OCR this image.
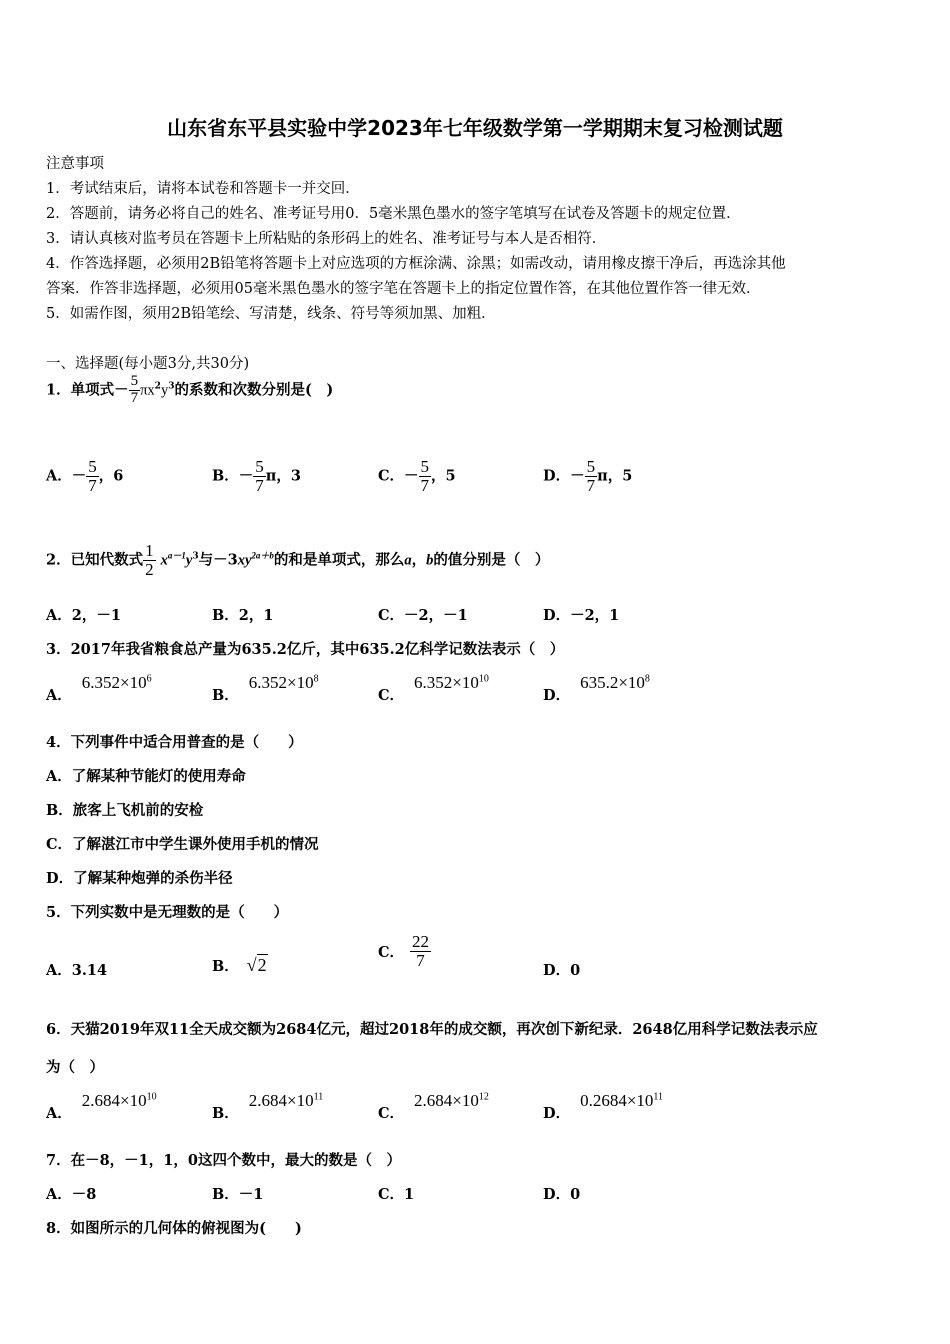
山东省东平县实验中学2023年七年级数学第一学期期末复习检测试题
注意事项
1．考试结束后，请将本试卷和答题卡一并交回．
2．答题前，请务必将自己的姓名、准考证号用0．5毫米黑色墨水的签字笔填写在试卷及答题卡的规定位置．
3．请认真核对监考员在答题卡上所粘贴的条形码上的姓名、准考证号与本人是否相符．
4．作答选择题，必须用2B铅笔将答题卡上对应选项的方框涂满、涂黑；如需改动，请用橡皮擦干净后，再选涂其他
答案．作答非选择题，必须用05毫米黑色墨水的签字笔在答题卡上的指定位置作答，在其他位置作答一律无效．
5．如需作图，须用2B铅笔绘、写清楚，线条、符号等须加黑、加粗．
一、选择题(每小题3分,共30分)
1．单项式－ $\frac{5}{7} \pi x^2y^3$的系数和次数分别是(　)
A．－ $\frac{5}{7}$ ，6	B．－ $\frac{5}{7}$ π，3	C．－ $\frac{5}{7}$ ，5	D．－ $\frac{5}{7}$ π，5
2．已知代数式 $\frac{1}{2} x^{a-1}y^3$与$-3xy^{2a+b}$的和是单项式，那么a，b的值分别是（　）
A．2，－1	B．2，1	C．－2，－1	D．－2，1
3．2017年我省粮食总产量为635.2亿斤，其中635.2亿科学记数法表示（　）
A．$6.352\times 10^6$
B．$6.352\times 10^8$
C．$6.352\times 10^{10}$
D．$635.2\times 10^8$
4．下列事件中适合用普查的是（　　）
A．了解某种节能灯的使用寿命
B．旅客上飞机前的安检
C．了解湛江市中学生课外使用手机的情况
D．了解某种炮弹的杀伤半径
5．下列实数中是无理数的是（　　）
A．3.14	B． √2
C． $\frac{22}{7}$
D．0
6．天猫2019年双11全天成交额为2684亿元，超过2018年的成交额，再次创下新纪录．2648亿用科学记数法表示应
为（　）
A．$2.684\times 10^{10}$
B．$2.684\times 10^{11}$
C．$2.684\times 10^{12}$
D．$0.2684\times 10^{11}$
7．在－8，－1，1，0这四个数中，最大的数是（　）
A．－8	B．－1	C．1	D．0
8．如图所示的几何体的俯视图为(　　)
